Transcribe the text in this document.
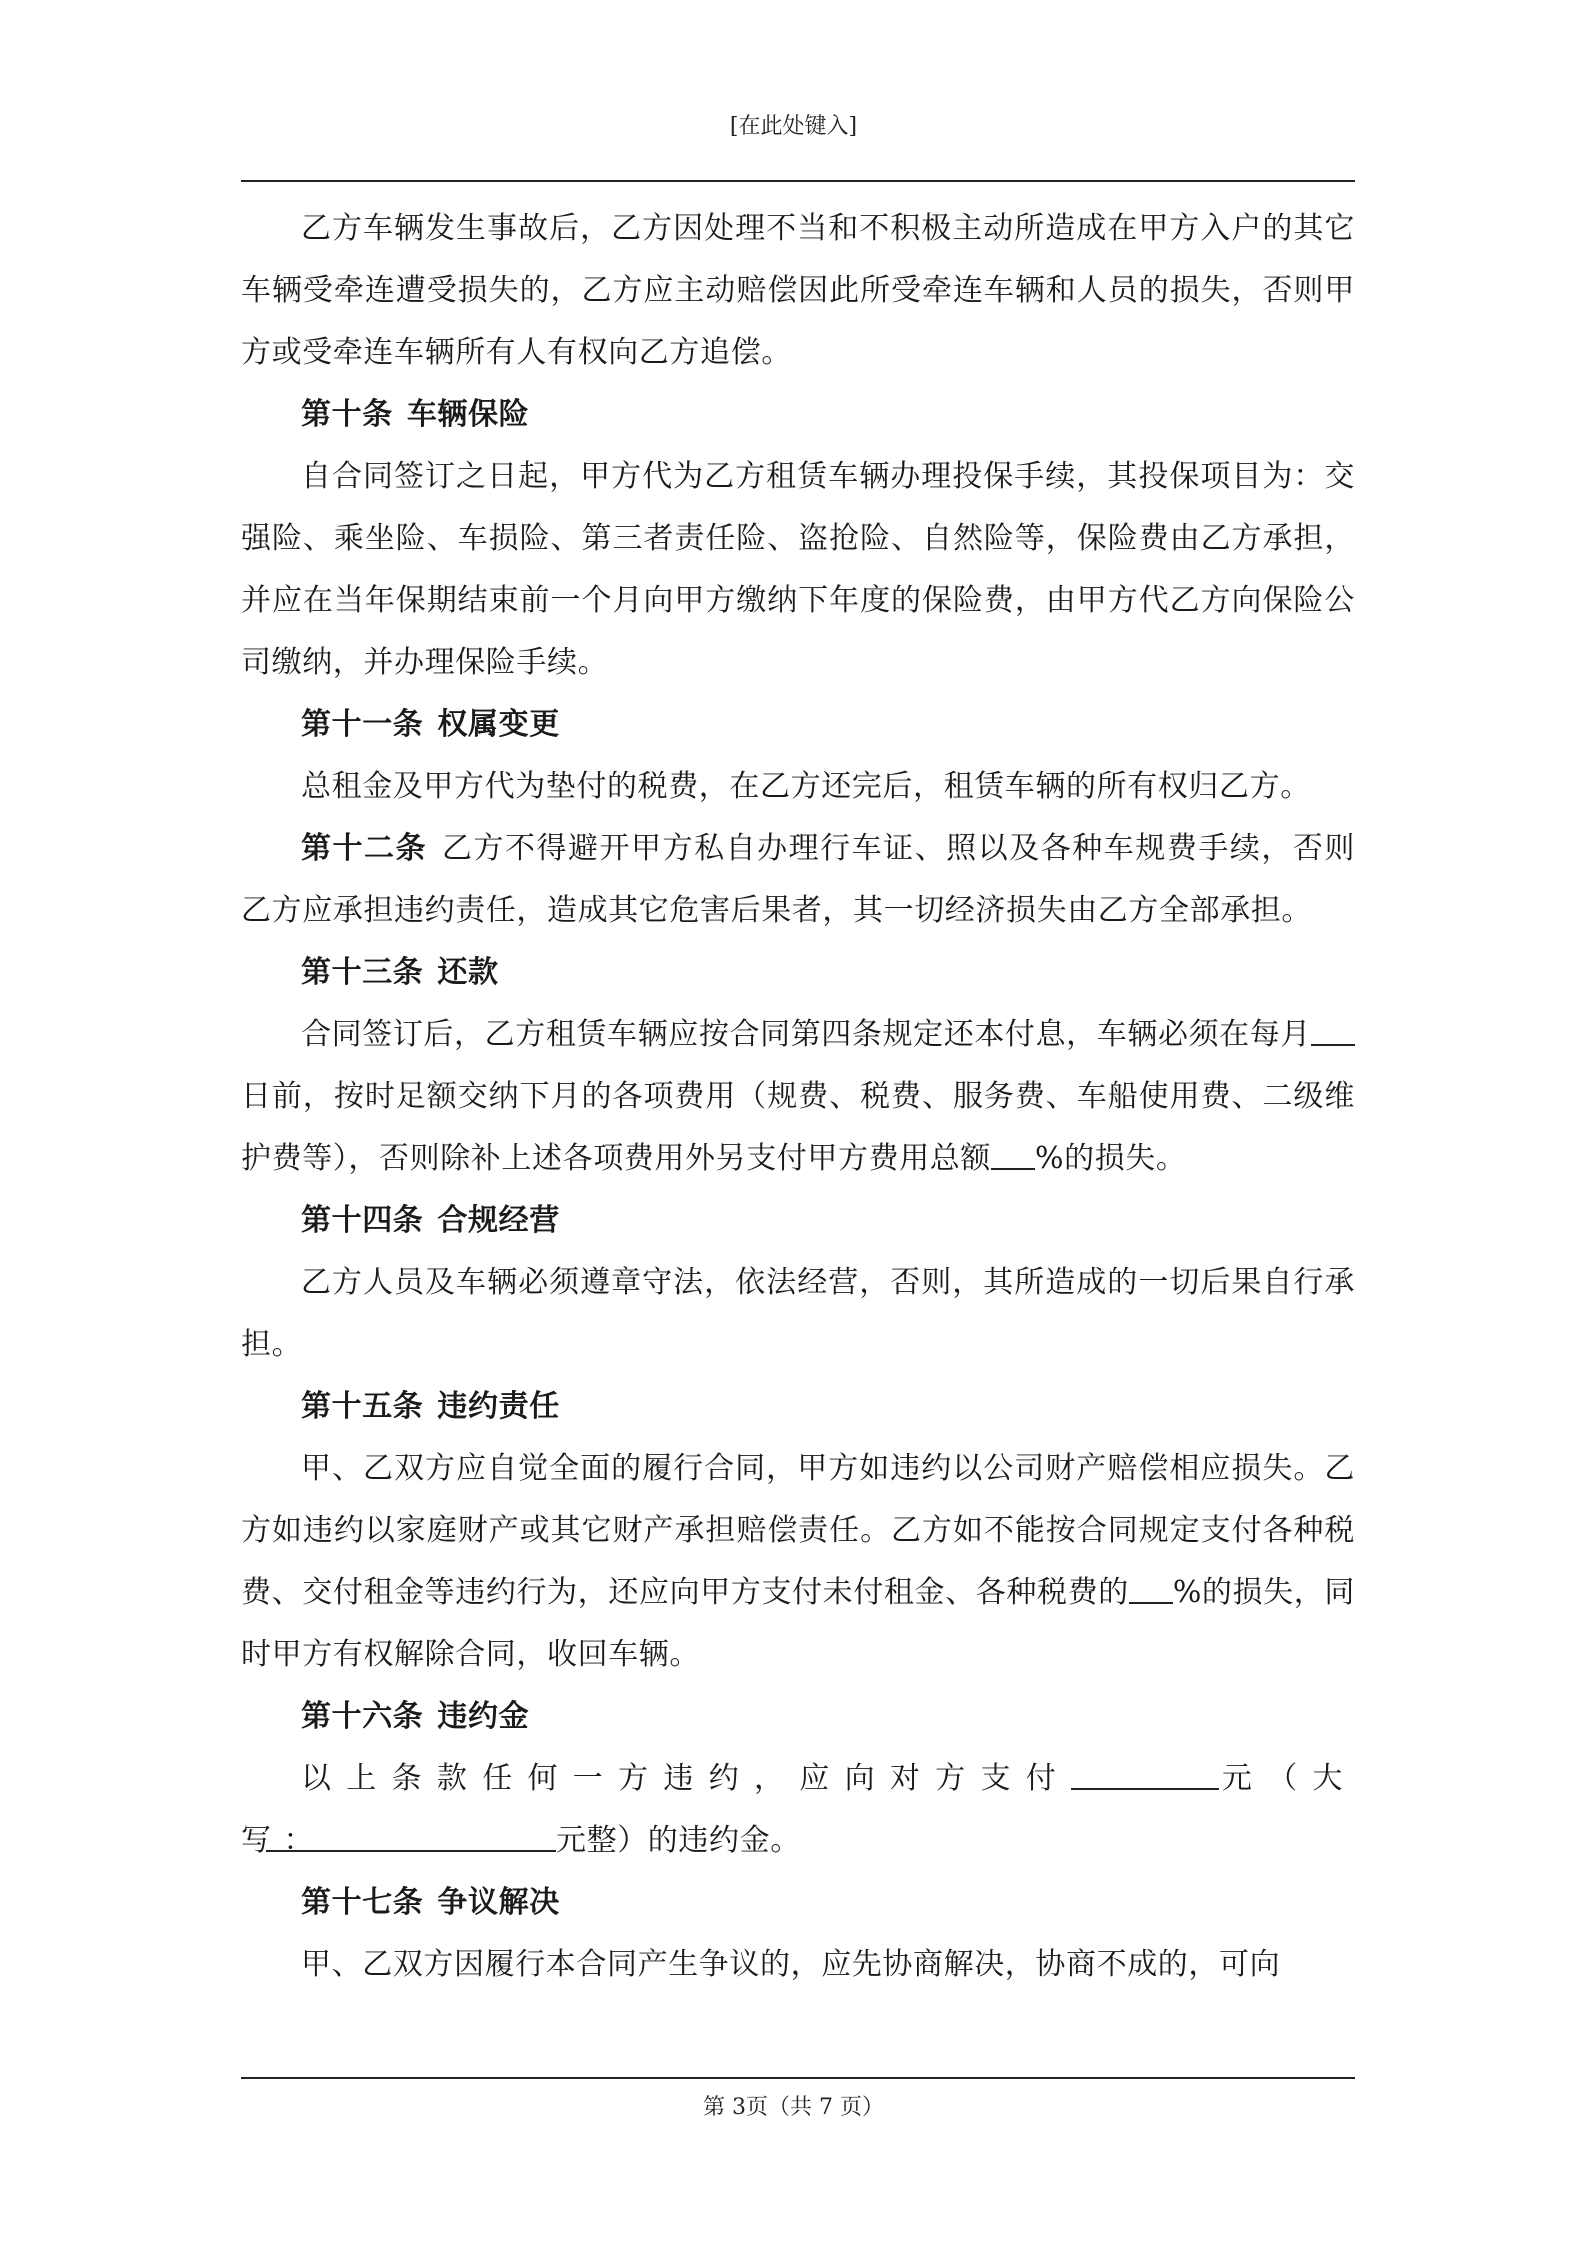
[在此处键入]

乙方车辆发生事故后，乙方因处理不当和不积极主动所造成在甲方入户的其它车辆受牵连遭受损失的，乙方应主动赔偿因此所受牵连车辆和人员的损失，否则甲方或受牵连车辆所有人有权向乙方追偿。

第十条 车辆保险

自合同签订之日起，甲方代为乙方租赁车辆办理投保手续，其投保项目为：交强险、乘坐险、车损险、第三者责任险、盗抢险、自然险等，保险费由乙方承担，并应在当年保期结束前一个月向甲方缴纳下年度的保险费，由甲方代乙方向保险公司缴纳，并办理保险手续。

第十一条 权属变更

总租金及甲方代为垫付的税费，在乙方还完后，租赁车辆的所有权归乙方。

第十二条 乙方不得避开甲方私自办理行车证、照以及各种车规费手续，否则乙方应承担违约责任，造成其它危害后果者，其一切经济损失由乙方全部承担。

第十三条 还款

合同签订后，乙方租赁车辆应按合同第四条规定还本付息，车辆必须在每月日前，按时足额交纳下月的各项费用（规费、税费、服务费、车船使用费、二级维护费等），否则除补上述各项费用外另支付甲方费用总额 %的损失。

第十四条 合规经营

乙方人员及车辆必须遵章守法，依法经营，否则，其所造成的一切后果自行承担。

第十五条 违约责任

甲、乙双方应自觉全面的履行合同，甲方如违约以公司财产赔偿相应损失。乙方如违约以家庭财产或其它财产承担赔偿责任。乙方如不能按合同规定支付各种税费、交付租金等违约行为，还应向甲方支付未付租金、各种税费的 %的损失，同时甲方有权解除合同，收回车辆。

第十六条 违约金

以上条款任何一方违约，应向对方支付	元（大写：	元整）的违约金。

第十七条 争议解决

甲、乙双方因履行本合同产生争议的，应先协商解决，协商不成的，可向

第 3页（共 7 页）
